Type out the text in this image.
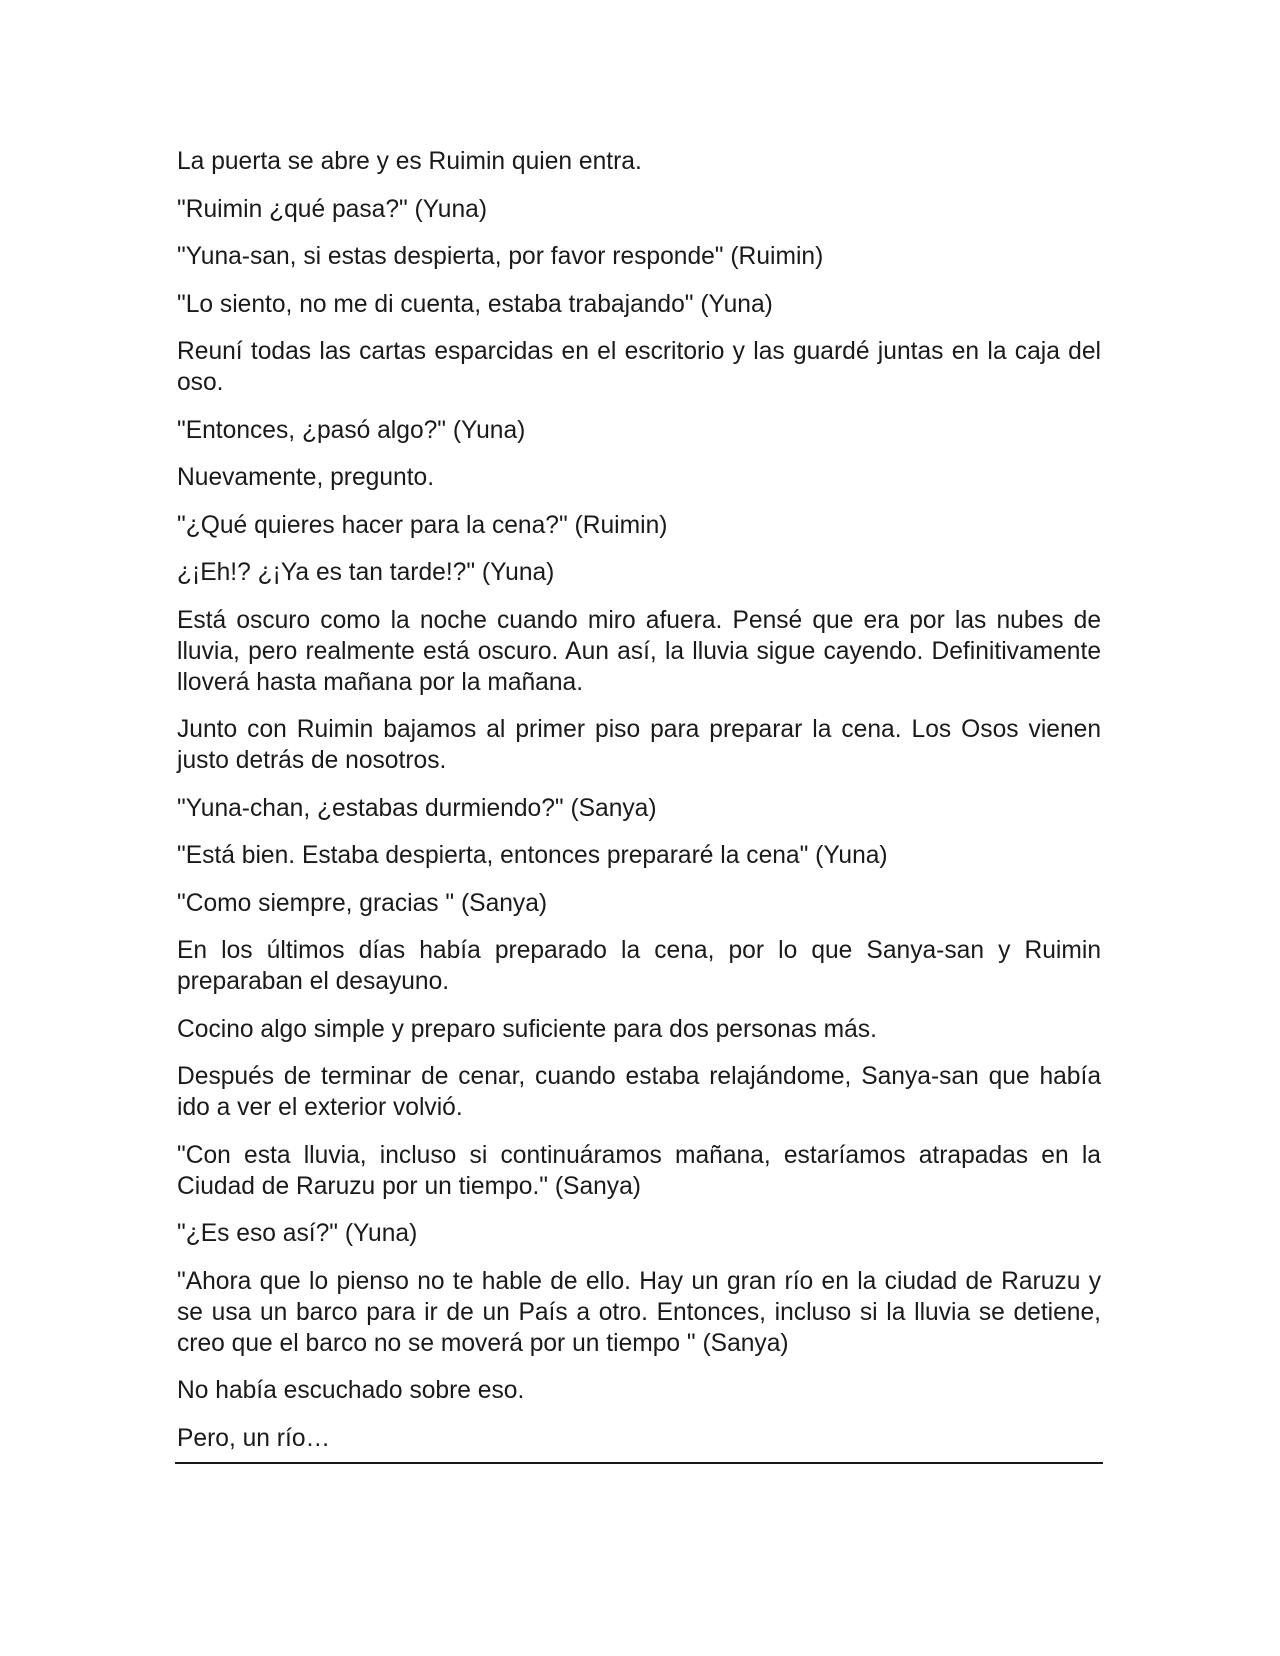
La puerta se abre y es Ruimin quien entra.

"Ruimin ¿qué pasa?" (Yuna)

"Yuna-san, si estas despierta, por favor responde" (Ruimin)

"Lo siento, no me di cuenta, estaba trabajando" (Yuna)

Reuní todas las cartas esparcidas en el escritorio y las guardé juntas en la caja del oso.

"Entonces, ¿pasó algo?" (Yuna)

Nuevamente, pregunto.

"¿Qué quieres hacer para la cena?" (Ruimin)

¿¡Eh!? ¿¡Ya es tan tarde!?" (Yuna)

Está oscuro como la noche cuando miro afuera. Pensé que era por las nubes de lluvia, pero realmente está oscuro. Aun así, la lluvia sigue cayendo. Definitivamente lloverá hasta mañana por la mañana.

Junto con Ruimin bajamos al primer piso para preparar la cena. Los Osos vienen justo detrás de nosotros.

"Yuna-chan, ¿estabas durmiendo?" (Sanya)

"Está bien. Estaba despierta, entonces prepararé la cena" (Yuna)

"Como siempre, gracias " (Sanya)

En los últimos días había preparado la cena, por lo que Sanya-san y Ruimin preparaban el desayuno.

Cocino algo simple y preparo suficiente para dos personas más.

Después de terminar de cenar, cuando estaba relajándome, Sanya-san que había ido a ver el exterior volvió.

"Con esta lluvia, incluso si continuáramos mañana, estaríamos atrapadas en la Ciudad de Raruzu por un tiempo." (Sanya)

"¿Es eso así?" (Yuna)

"Ahora que lo pienso no te hable de ello. Hay un gran río en la ciudad de Raruzu y se usa un barco para ir de un País a otro. Entonces, incluso si la lluvia se detiene, creo que el barco no se moverá por un tiempo " (Sanya)

No había escuchado sobre eso.

Pero, un río…
